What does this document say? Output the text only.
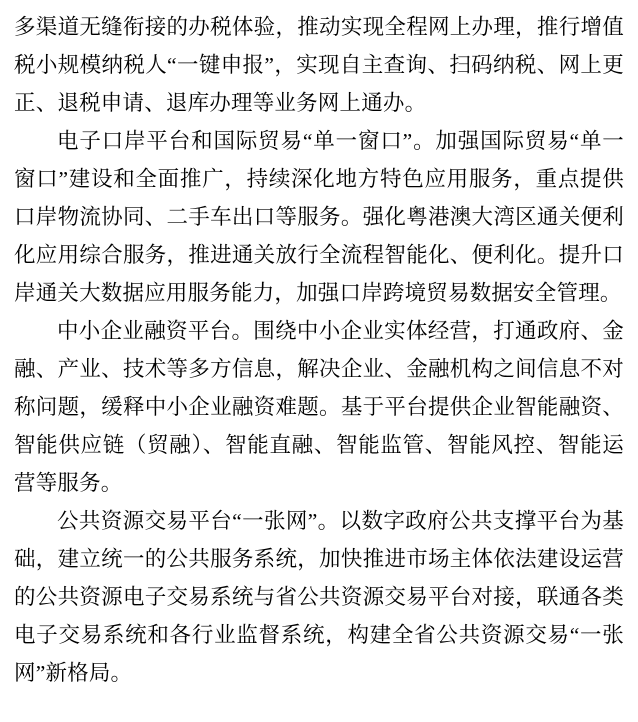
多渠道无缝衔接的办税体验，推动实现全程网上办理，推行增值税小规模纳税人“一键申报”，实现自主查询、扫码纳税、网上更正、退税申请、退库办理等业务网上通办。

电子口岸平台和国际贸易“单一窗口”。加强国际贸易“单一窗口”建设和全面推广，持续深化地方特色应用服务，重点提供口岸物流协同、二手车出口等服务。强化粤港澳大湾区通关便利化应用综合服务，推进通关放行全流程智能化、便利化。提升口岸通关大数据应用服务能力，加强口岸跨境贸易数据安全管理。

中小企业融资平台。围绕中小企业实体经营，打通政府、金融、产业、技术等多方信息，解决企业、金融机构之间信息不对称问题，缓释中小企业融资难题。基于平台提供企业智能融资、智能供应链（贸融）、智能直融、智能监管、智能风控、智能运营等服务。

公共资源交易平台“一张网”。以数字政府公共支撑平台为基础，建立统一的公共服务系统，加快推进市场主体依法建设运营的公共资源电子交易系统与省公共资源交易平台对接，联通各类电子交易系统和各行业监督系统，构建全省公共资源交易“一张网”新格局。
